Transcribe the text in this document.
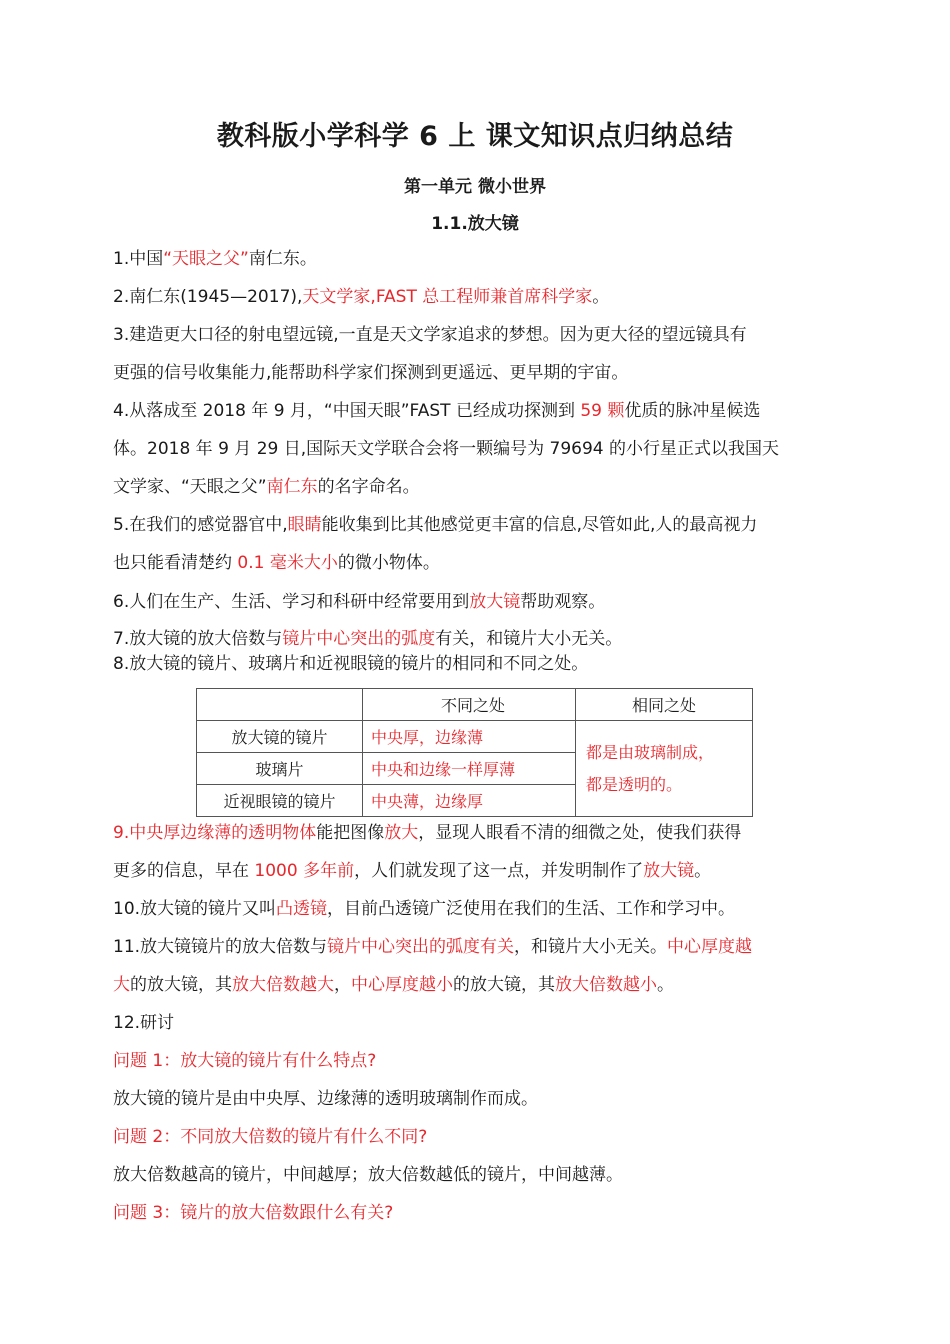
教科版小学科学 6 上 课文知识点归纳总结
第一单元 微小世界
1.1.放大镜
1.中国“天眼之父”南仁东。
2.南仁东(1945—2017),天文学家,FAST 总工程师兼首席科学家。
3.建造更大口径的射电望远镜,一直是天文学家追求的梦想。因为更大径的望远镜具有
更强的信号收集能力,能帮助科学家们探测到更遥远、更早期的宇宙。
4.从落成至 2018 年 9 月，“中国天眼”FAST 已经成功探测到 59 颗优质的脉冲星候选
体。2018 年 9 月 29 日,国际天文学联合会将一颗编号为 79694 的小行星正式以我国天
文学家、“天眼之父”南仁东的名字命名。
5.在我们的感觉器官中,眼睛能收集到比其他感觉更丰富的信息,尽管如此,人的最高视力
也只能看清楚约 0.1 毫米大小的微小物体。
6.人们在生产、生活、学习和科研中经常要用到放大镜帮助观察。
7.放大镜的放大倍数与镜片中心突出的弧度有关，和镜片大小无关。
8.放大镜的镜片、玻璃片和近视眼镜的镜片的相同和不同之处。
	不同之处	相同之处
放大镜的镜片	中央厚，边缘薄	都是由玻璃制成，
都是透明的。
玻璃片	中央和边缘一样厚薄	
近视眼镜的镜片	中央薄，边缘厚	
9.中央厚边缘薄的透明物体能把图像放大，显现人眼看不清的细微之处，使我们获得
更多的信息，早在 1000 多年前，人们就发现了这一点，并发明制作了放大镜。
10.放大镜的镜片又叫凸透镜，目前凸透镜广泛使用在我们的生活、工作和学习中。
11.放大镜镜片的放大倍数与镜片中心突出的弧度有关，和镜片大小无关。中心厚度越
大的放大镜，其放大倍数越大，中心厚度越小的放大镜，其放大倍数越小。
12.研讨
问题 1：放大镜的镜片有什么特点?
放大镜的镜片是由中央厚、边缘薄的透明玻璃制作而成。
问题 2：不同放大倍数的镜片有什么不同?
放大倍数越高的镜片，中间越厚；放大倍数越低的镜片，中间越薄。
问题 3：镜片的放大倍数跟什么有关?
